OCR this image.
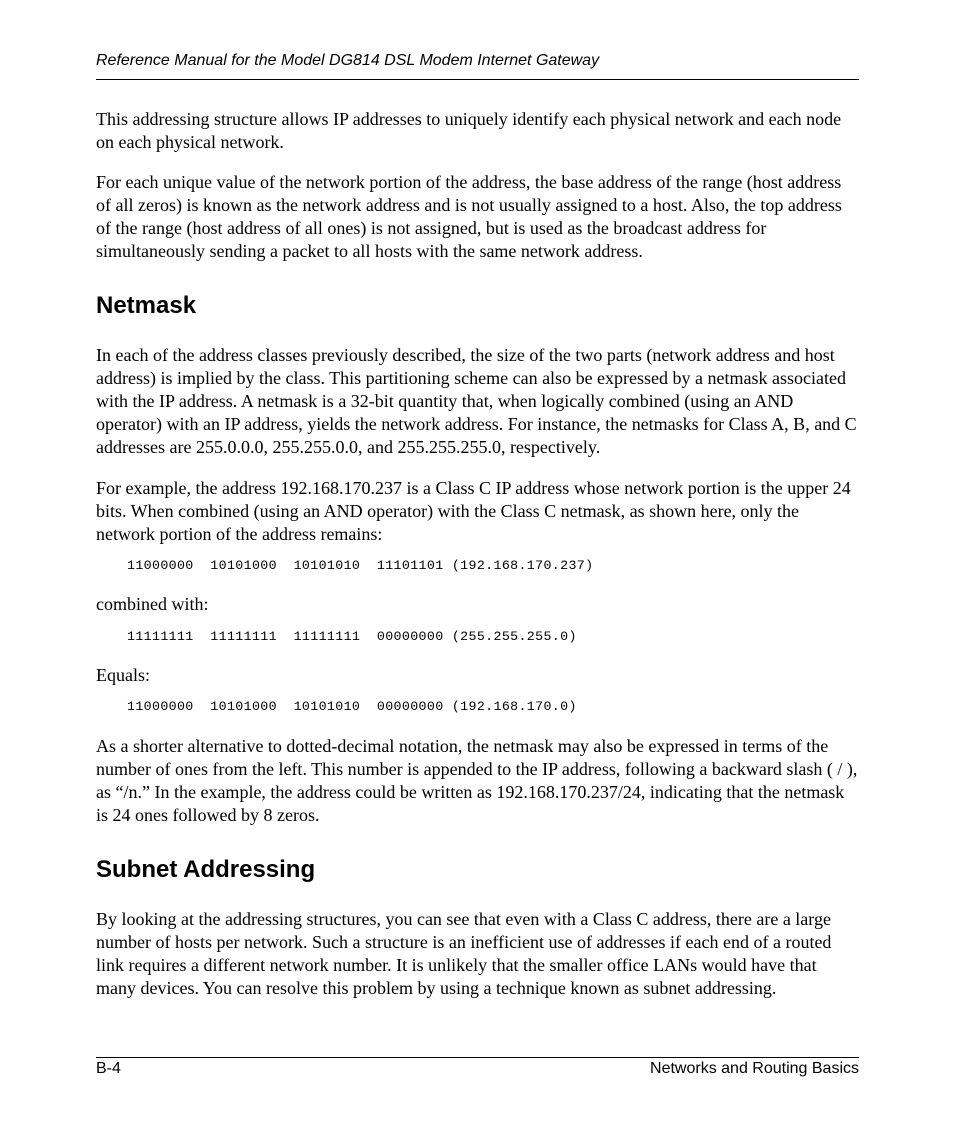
Reference Manual for the Model DG814 DSL Modem Internet Gateway

This addressing structure allows IP addresses to uniquely identify each physical network and each node on each physical network.

For each unique value of the network portion of the address, the base address of the range (host address of all zeros) is known as the network address and is not usually assigned to a host. Also, the top address of the range (host address of all ones) is not assigned, but is used as the broadcast address for simultaneously sending a packet to all hosts with the same network address.

Netmask

In each of the address classes previously described, the size of the two parts (network address and host address) is implied by the class. This partitioning scheme can also be expressed by a netmask associated with the IP address. A netmask is a 32-bit quantity that, when logically combined (using an AND operator) with an IP address, yields the network address. For instance, the netmasks for Class A, B, and C addresses are 255.0.0.0, 255.255.0.0, and 255.255.255.0, respectively.

For example, the address 192.168.170.237 is a Class C IP address whose network portion is the upper 24 bits. When combined (using an AND operator) with the Class C netmask, as shown here, only the network portion of the address remains:

11000000  10101000  10101010  11101101 (192.168.170.237)

combined with:

11111111  11111111  11111111  00000000 (255.255.255.0)

Equals:

11000000  10101000  10101010  00000000 (192.168.170.0)

As a shorter alternative to dotted-decimal notation, the netmask may also be expressed in terms of the number of ones from the left. This number is appended to the IP address, following a backward slash ( / ), as “/n.” In the example, the address could be written as 192.168.170.237/24, indicating that the netmask is 24 ones followed by 8 zeros.

Subnet Addressing

By looking at the addressing structures, you can see that even with a Class C address, there are a large number of hosts per network. Such a structure is an inefficient use of addresses if each end of a routed link requires a different network number. It is unlikely that the smaller office LANs would have that many devices. You can resolve this problem by using a technique known as subnet addressing.

B-4	Networks and Routing Basics
